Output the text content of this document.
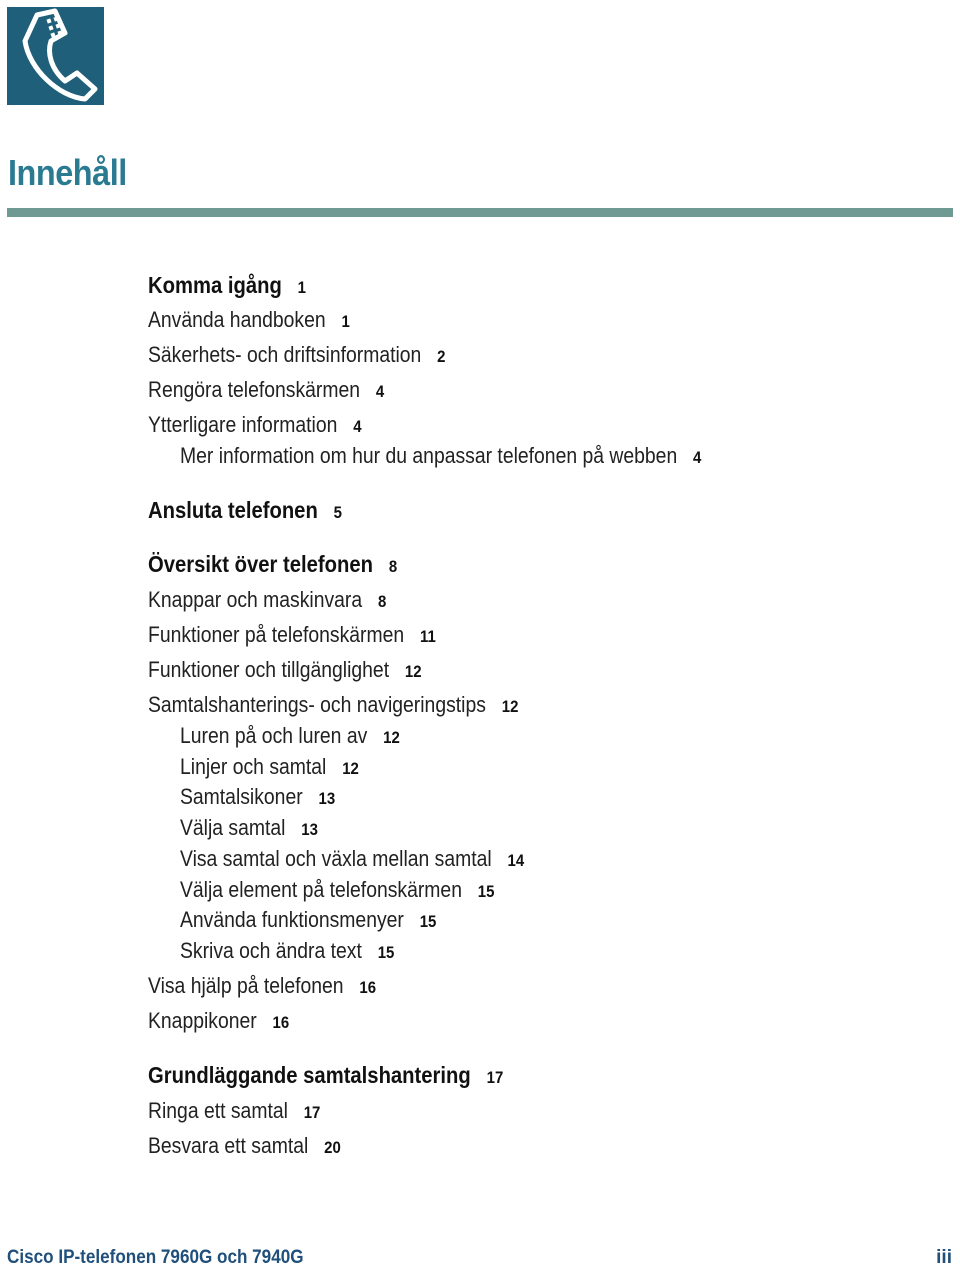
Innehåll
Komma igång 1
Använda handboken 1
Säkerhets- och driftsinformation 2
Rengöra telefonskärmen 4
Ytterligare information 4
Mer information om hur du anpassar telefonen på webben 4
Ansluta telefonen 5
Översikt över telefonen 8
Knappar och maskinvara 8
Funktioner på telefonskärmen 11
Funktioner och tillgänglighet 12
Samtalshanterings- och navigeringstips 12
Luren på och luren av 12
Linjer och samtal 12
Samtalsikoner 13
Välja samtal 13
Visa samtal och växla mellan samtal 14
Välja element på telefonskärmen 15
Använda funktionsmenyer 15
Skriva och ändra text 15
Visa hjälp på telefonen 16
Knappikoner 16
Grundläggande samtalshantering 17
Ringa ett samtal 17
Besvara ett samtal 20
Cisco IP-telefonen 7960G och 7940G	iii
